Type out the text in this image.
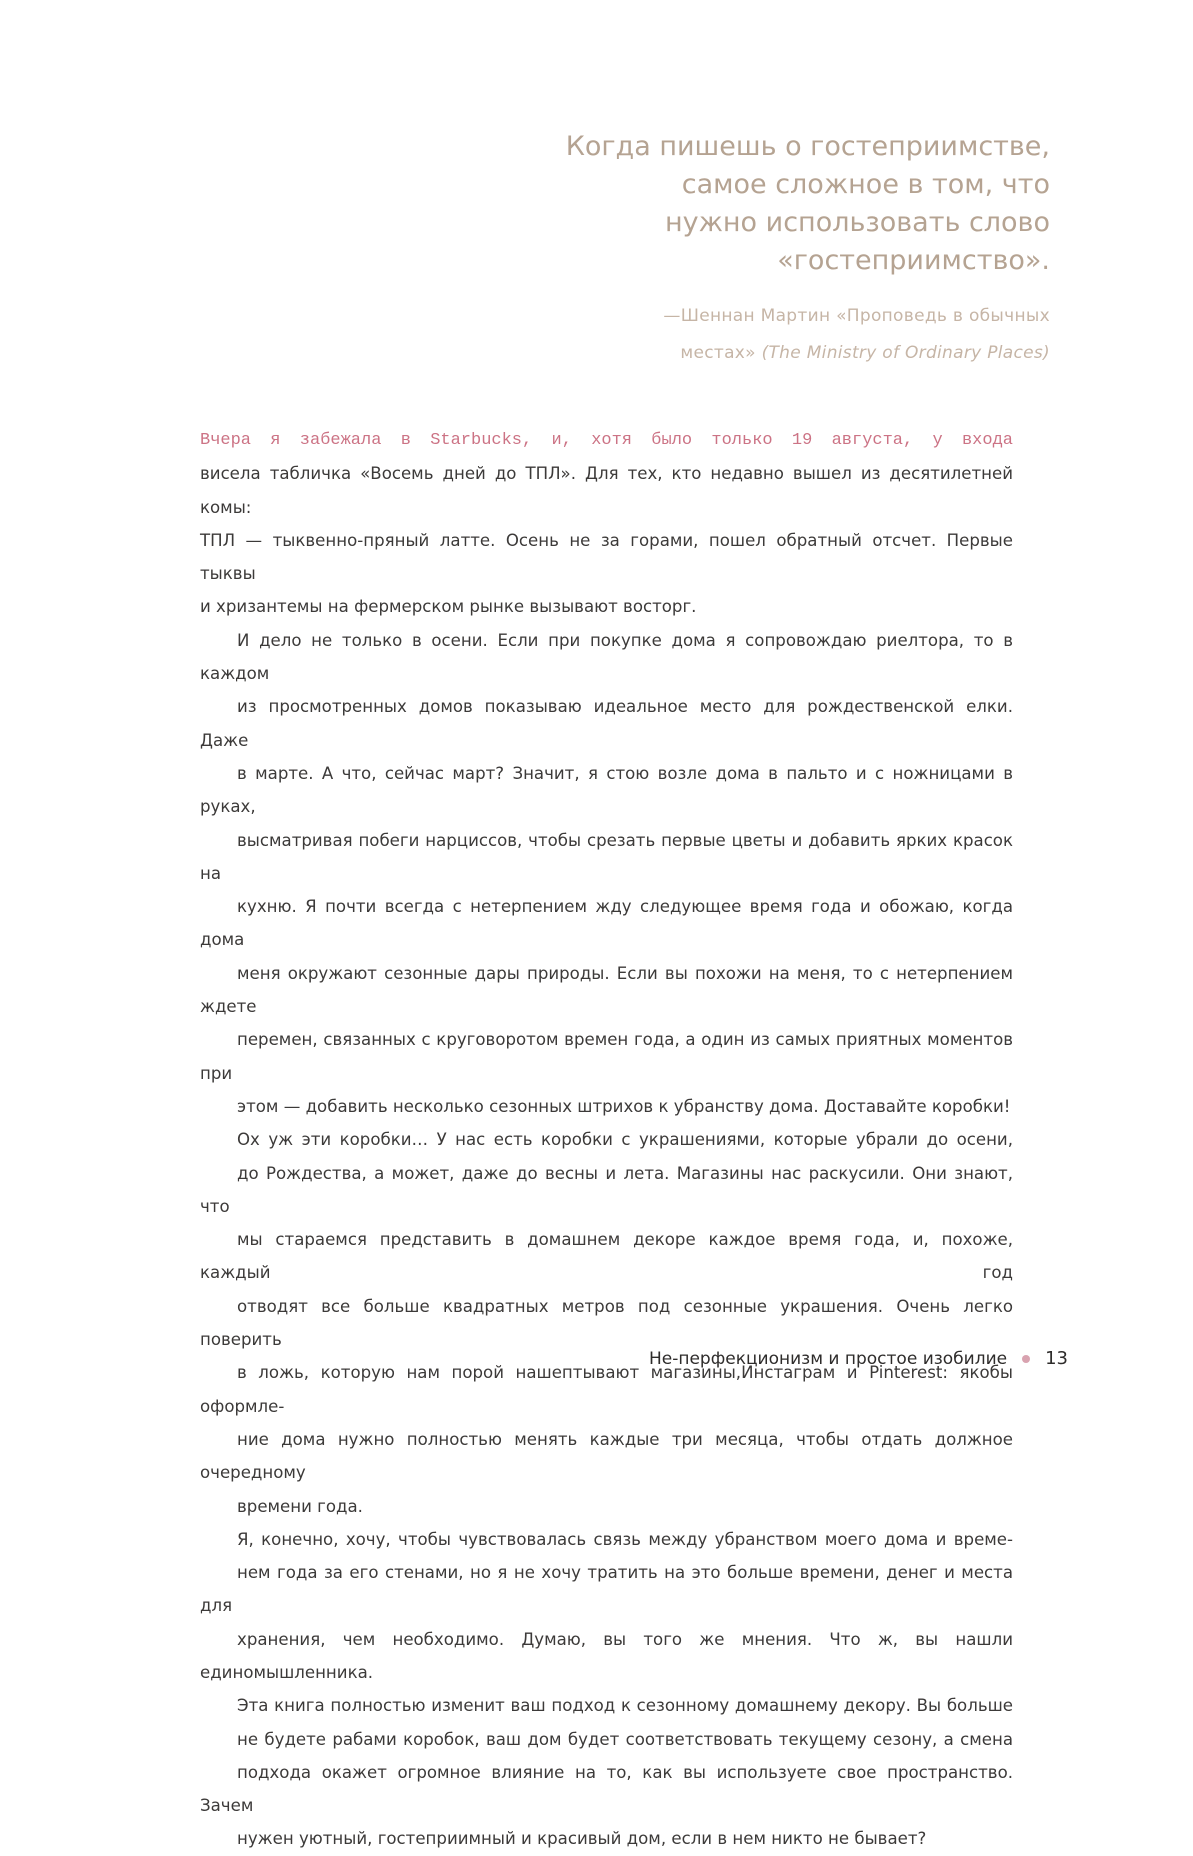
Когда пишешь о гостеприимстве,
самое сложное в том, что
нужно использовать слово
«гостеприимство».

—Шеннан Мартин «Проповедь в обычных
местах» (The Ministry of Ordinary Places)

Вчера я забежала в Starbucks, и, хотя было только 19 августа, у входа
висела табличка «Восемь дней до ТПЛ». Для тех, кто недавно вышел из десятилетней комы:
ТПЛ — тыквенно-пряный латте. Осень не за горами, пошел обратный отсчет. Первые тыквы
и хризантемы на фермерском рынке вызывают восторг.

И дело не только в осени. Если при покупке дома я сопровождаю риелтора, то в каждом
из просмотренных домов показываю идеальное место для рождественской елки. Даже
в марте. А что, сейчас март? Значит, я стою возле дома в пальто и с ножницами в руках,
высматривая побеги нарциссов, чтобы срезать первые цветы и добавить ярких красок на
кухню. Я почти всегда с нетерпением жду следующее время года и обожаю, когда дома
меня окружают сезонные дары природы. Если вы похожи на меня, то с нетерпением ждете
перемен, связанных с круговоротом времен года, а один из самых приятных моментов при
этом — добавить несколько сезонных штрихов к убранству дома. Доставайте коробки!

Ох уж эти коробки… У нас есть коробки с украшениями, которые убрали до осени,
до Рождества, а может, даже до весны и лета. Магазины нас раскусили. Они знают, что
мы стараемся представить в домашнем декоре каждое время года, и, похоже, каждый год
отводят все больше квадратных метров под сезонные украшения. Очень легко поверить
в ложь, которую нам порой нашептывают магазины,Инстаграм и Pinterest: якобы оформле-
ние дома нужно полностью менять каждые три месяца, чтобы отдать должное очередному
времени года.

Я, конечно, хочу, чтобы чувствовалась связь между убранством моего дома и време-
нем года за его стенами, но я не хочу тратить на это больше времени, денег и места для
хранения, чем необходимо. Думаю, вы того же мнения. Что ж, вы нашли единомышленника.

Эта книга полностью изменит ваш подход к сезонному домашнему декору. Вы больше
не будете рабами коробок, ваш дом будет соответствовать текущему сезону, а смена
подхода окажет огромное влияние на то, как вы используете свое пространство. Зачем
нужен уютный, гостеприимный и красивый дом, если в нем никто не бывает?

Не-перфекционизм и простое изобилие 13
